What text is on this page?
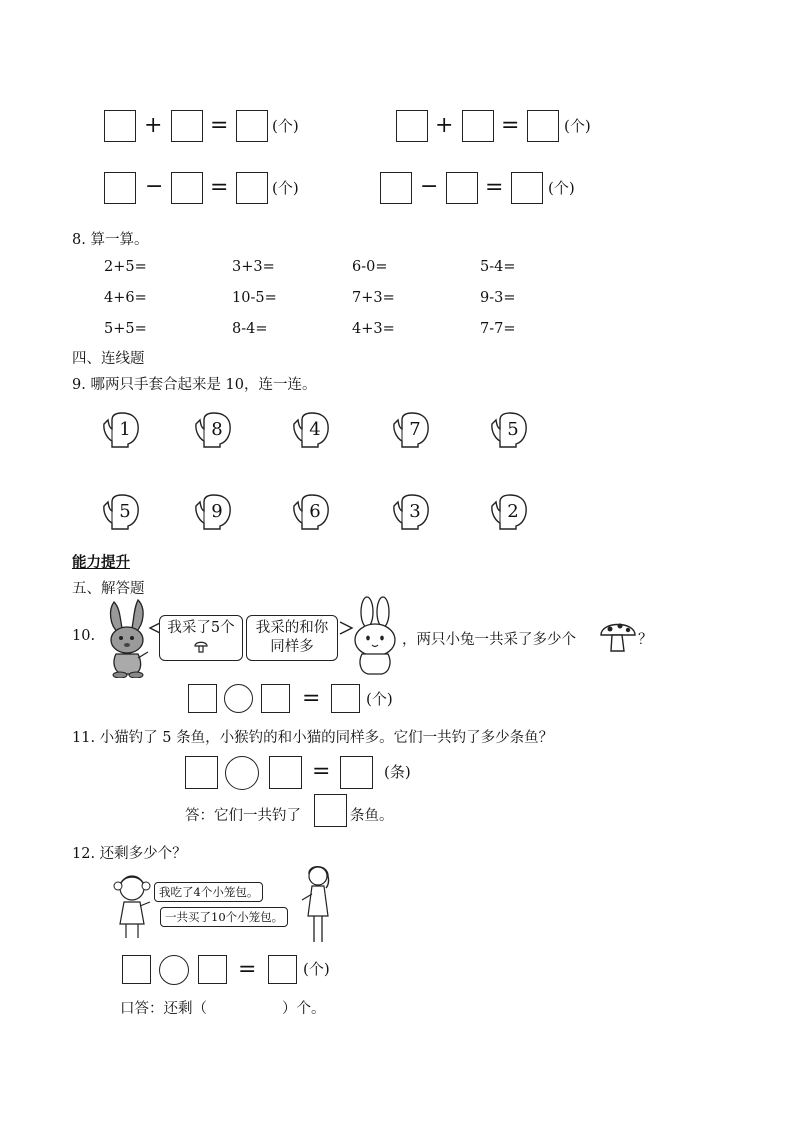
+ =	(个)	+ =	(个)
− =	(个)	− =	(个)
8. 算一算。
2+5=	3+3=	6-0=	5-4=
4+6=	10-5=	7+3=	9-3=
5+5=	8-4=	4+3=	7-7=
四、连线题
9. 哪两只手套合起来是 10，连一连。
1	8	4	7	5
5	9	6	3	2
能力提升
五、解答题
10.	我采了5个	我采的和你
同样多	，两只小兔一共采了多少个	？
=	(个)
11. 小猫钓了 5 条鱼，小猴钓的和小猫的同样多。它们一共钓了多少条鱼？
=	(条)
答：它们一共钓了	条鱼。
12. 还剩多少个？
我吃了4个小笼包。
一共买了10个小笼包。
=	(个)
口答：还剩（	）个。
